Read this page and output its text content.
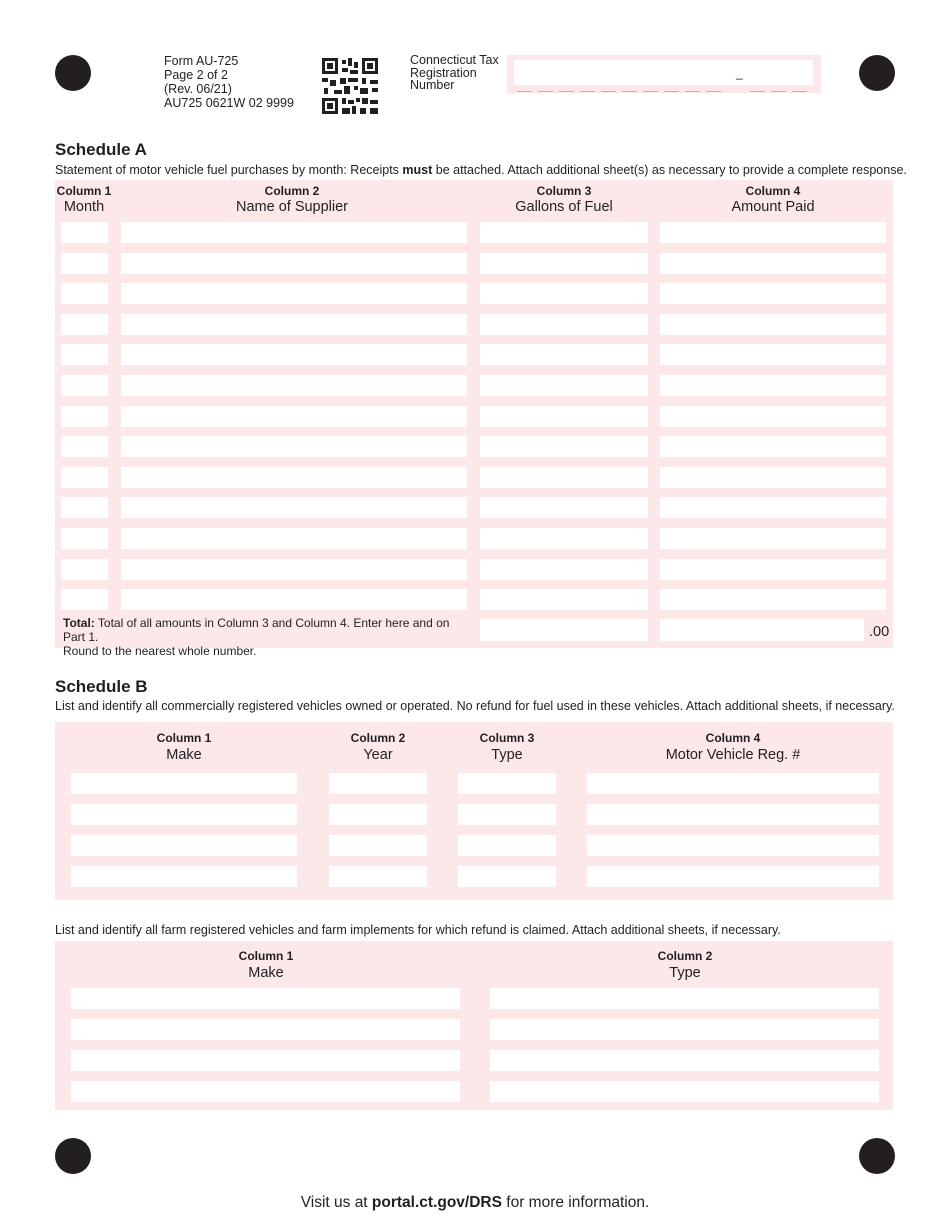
Form AU-725
Page 2 of 2
(Rev. 06/21)
AU725 0621W 02 9999
Connecticut Tax
Registration
Number
_
Schedule A
Statement of motor vehicle fuel purchases by month: Receipts must be attached. Attach additional sheet(s) as necessary to provide a complete response.
Column 1
Month
Column 2
Name of Supplier
Column 3
Gallons of Fuel
Column 4
Amount Paid
Total: Total of all amounts in Column 3 and Column 4. Enter here and on Part 1.
Round to the nearest whole number.
.00
Schedule B
List and identify all commercially registered vehicles owned or operated. No refund for fuel used in these vehicles. Attach additional sheets, if necessary.
Column 1
Make
Column 2
Year
Column 3
Type
Column 4
Motor Vehicle Reg. #
List and identify all farm registered vehicles and farm implements for which refund is claimed. Attach additional sheets, if necessary.
Column 1
Make
Column 2
Type
Visit us at portal.ct.gov/DRS for more information.
